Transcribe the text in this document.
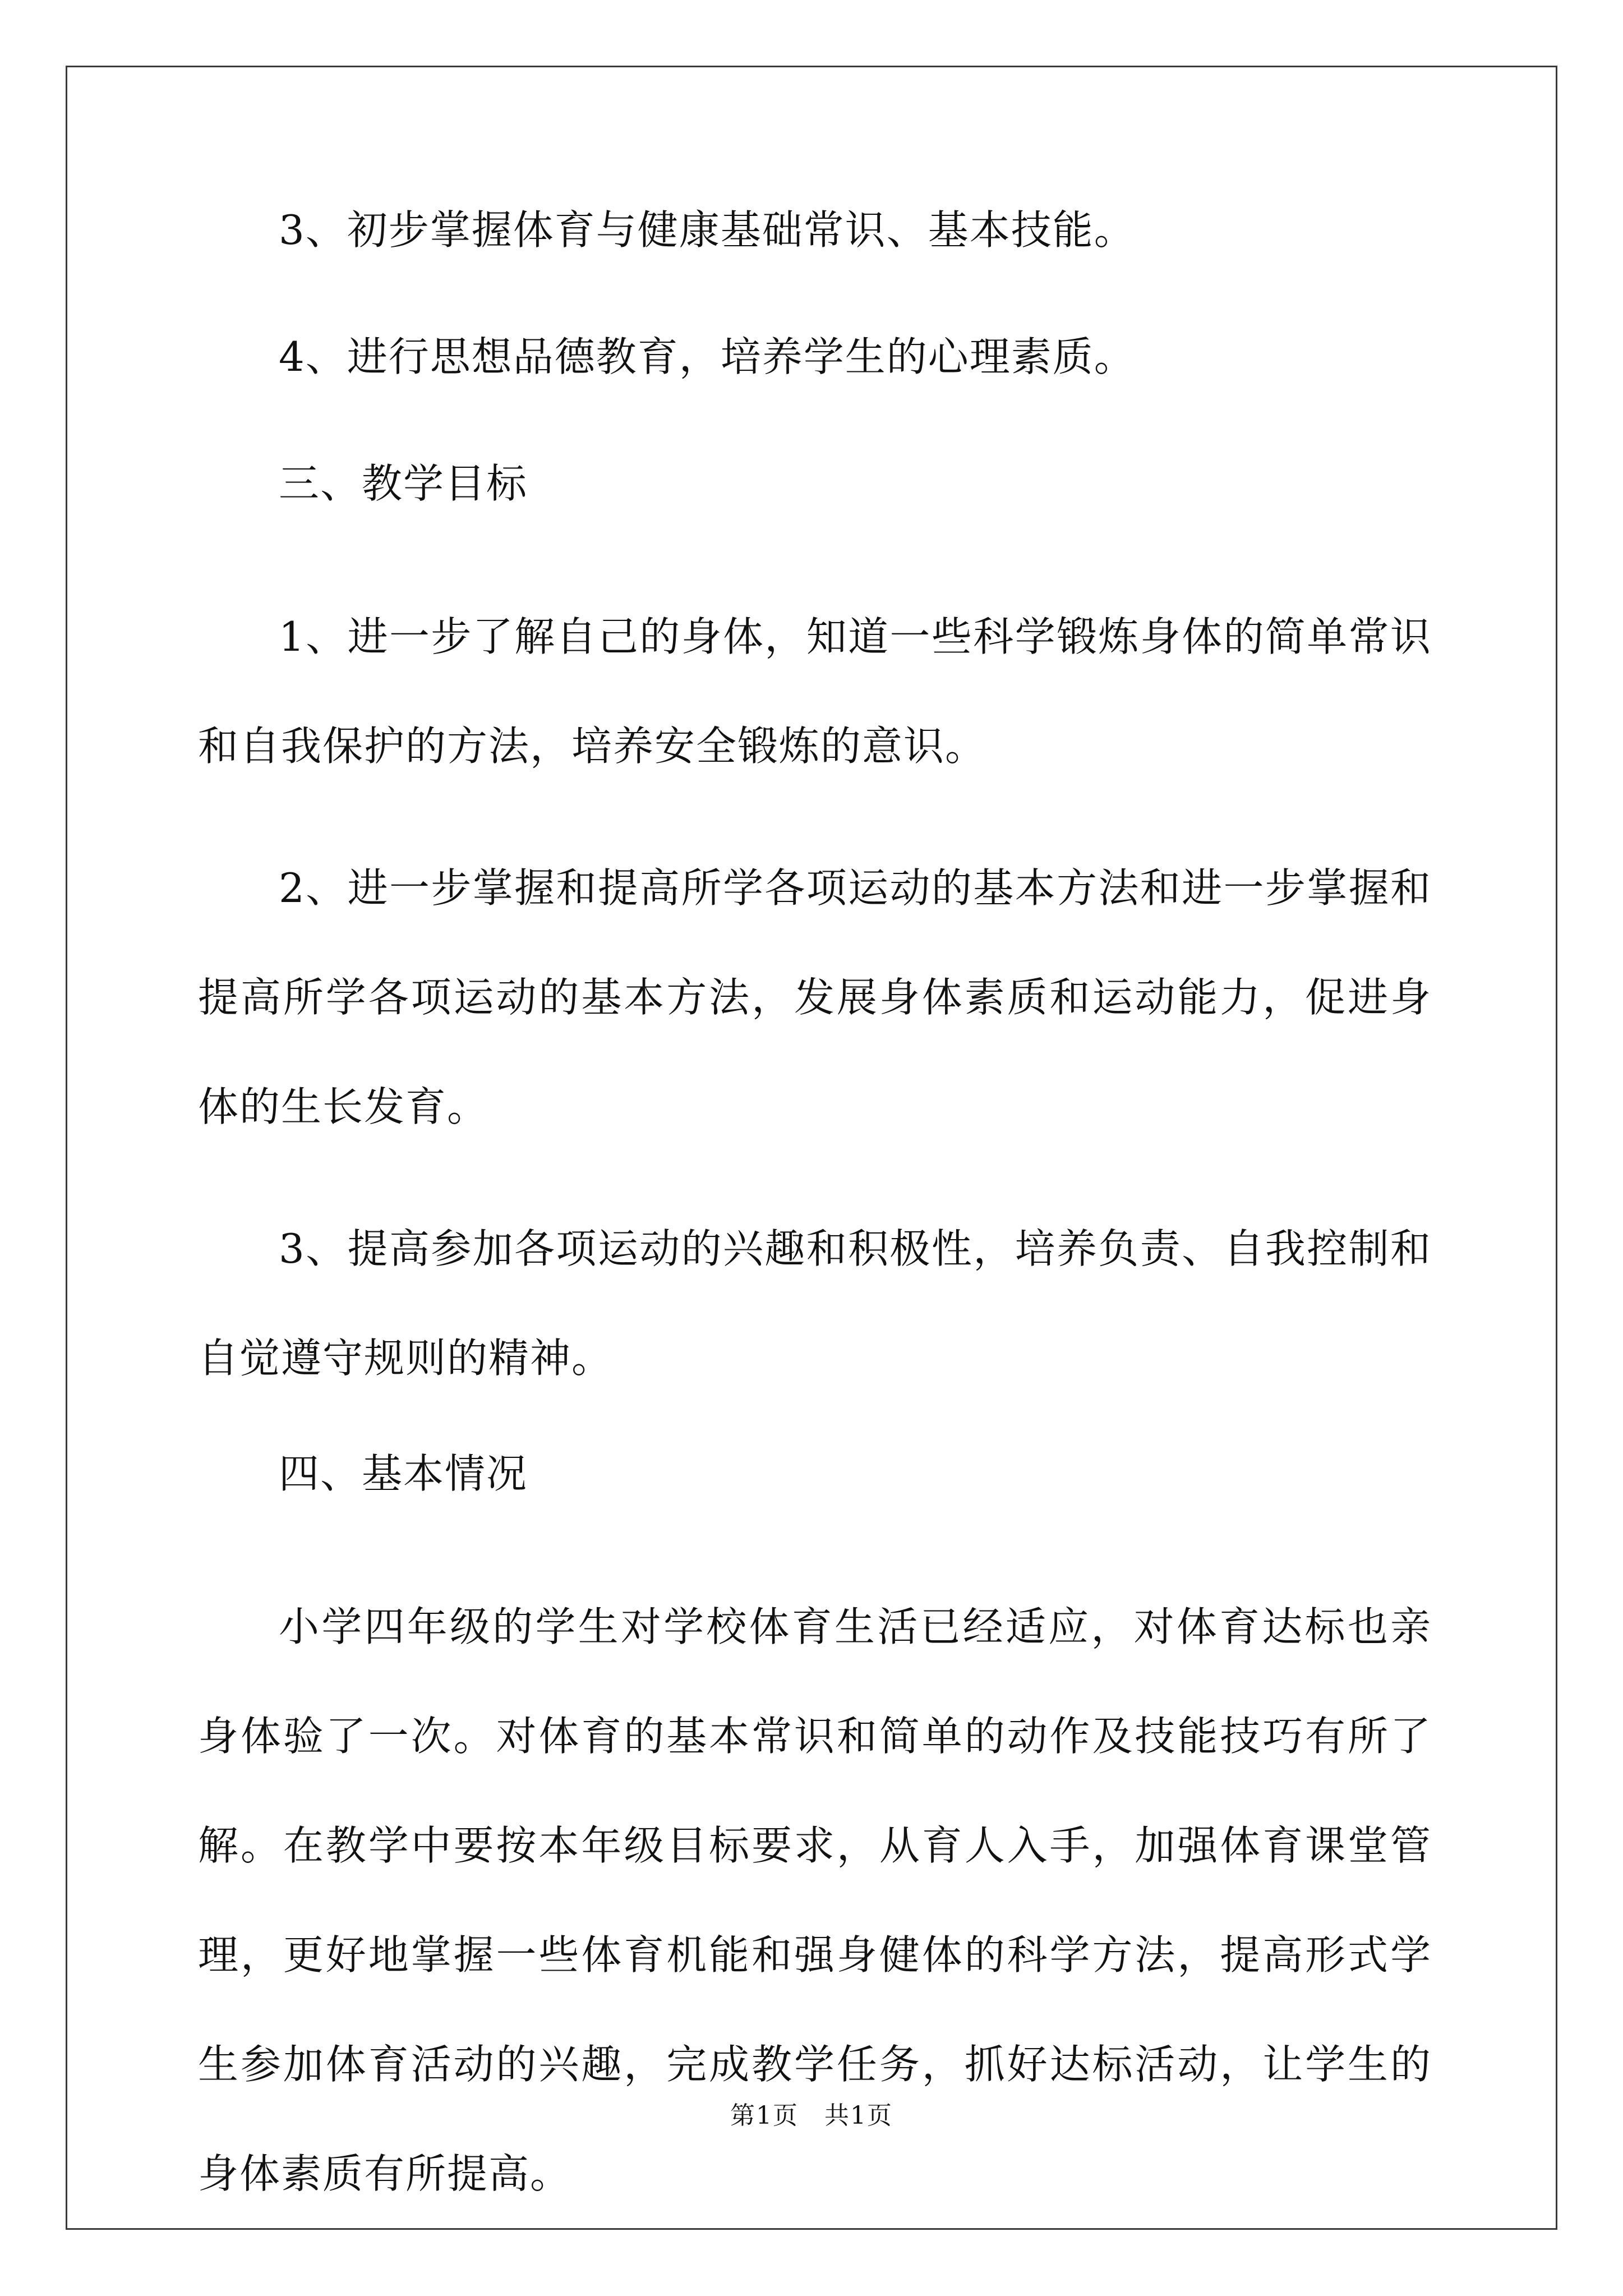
3、初步掌握体育与健康基础常识、基本技能。

4、进行思想品德教育，培养学生的心理素质。

三、教学目标

1、进一步了解自己的身体，知道一些科学锻炼身体的简单常识和自我保护的方法，培养安全锻炼的意识。

2、进一步掌握和提高所学各项运动的基本方法和进一步掌握和提高所学各项运动的基本方法，发展身体素质和运动能力，促进身体的生长发育。

3、提高参加各项运动的兴趣和积极性，培养负责、自我控制和自觉遵守规则的精神。

四、基本情况

小学四年级的学生对学校体育生活已经适应，对体育达标也亲身体验了一次。对体育的基本常识和简单的动作及技能技巧有所了解。在教学中要按本年级目标要求，从育人入手，加强体育课堂管理，更好地掌握一些体育机能和强身健体的科学方法，提高形式学生参加体育活动的兴趣，完成教学任务，抓好达标活动，让学生的身体素质有所提高。

第1页　共1页
